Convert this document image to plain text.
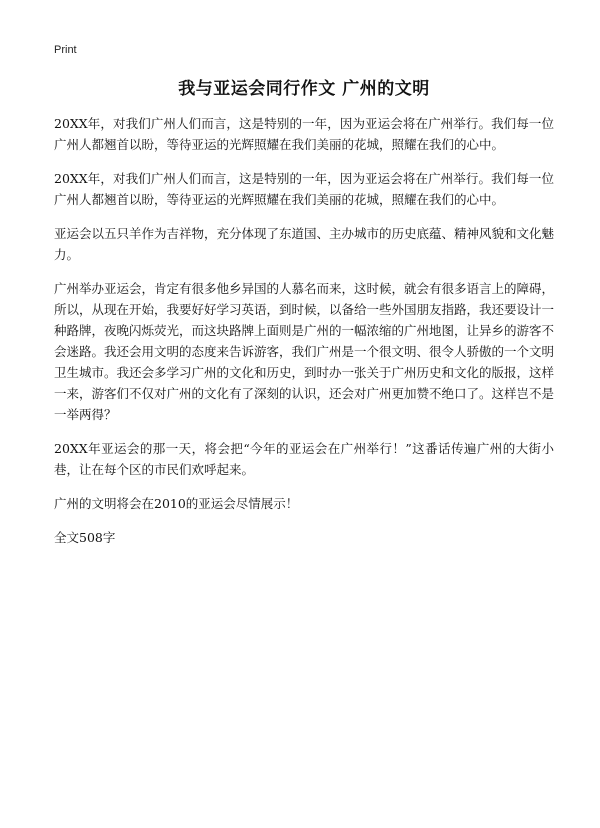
Print
我与亚运会同行作文 广州的文明

20XX年，对我们广州人们而言，这是特别的一年，因为亚运会将在广州举行。我们每一位广州人都翘首以盼，等待亚运的光辉照耀在我们美丽的花城，照耀在我们的心中。

20XX年，对我们广州人们而言，这是特别的一年，因为亚运会将在广州举行。我们每一位广州人都翘首以盼，等待亚运的光辉照耀在我们美丽的花城，照耀在我们的心中。

亚运会以五只羊作为吉祥物，充分体现了东道国、主办城市的历史底蕴、精神风貌和文化魅力。

广州举办亚运会，肯定有很多他乡异国的人慕名而来，这时候，就会有很多语言上的障碍，所以，从现在开始，我要好好学习英语，到时候，以备给一些外国朋友指路，我还要设计一种路牌，夜晚闪烁荧光，而这块路牌上面则是广州的一幅浓缩的广州地图，让异乡的游客不会迷路。我还会用文明的态度来告诉游客，我们广州是一个很文明、很令人骄傲的一个文明卫生城市。我还会多学习广州的文化和历史，到时办一张关于广州历史和文化的版报，这样一来，游客们不仅对广州的文化有了深刻的认识，还会对广州更加赞不绝口了。这样岂不是一举两得？

20XX年亚运会的那一天，将会把“今年的亚运会在广州举行！”这番话传遍广州的大街小巷，让在每个区的市民们欢呼起来。

广州的文明将会在2010的亚运会尽情展示！

全文508字
